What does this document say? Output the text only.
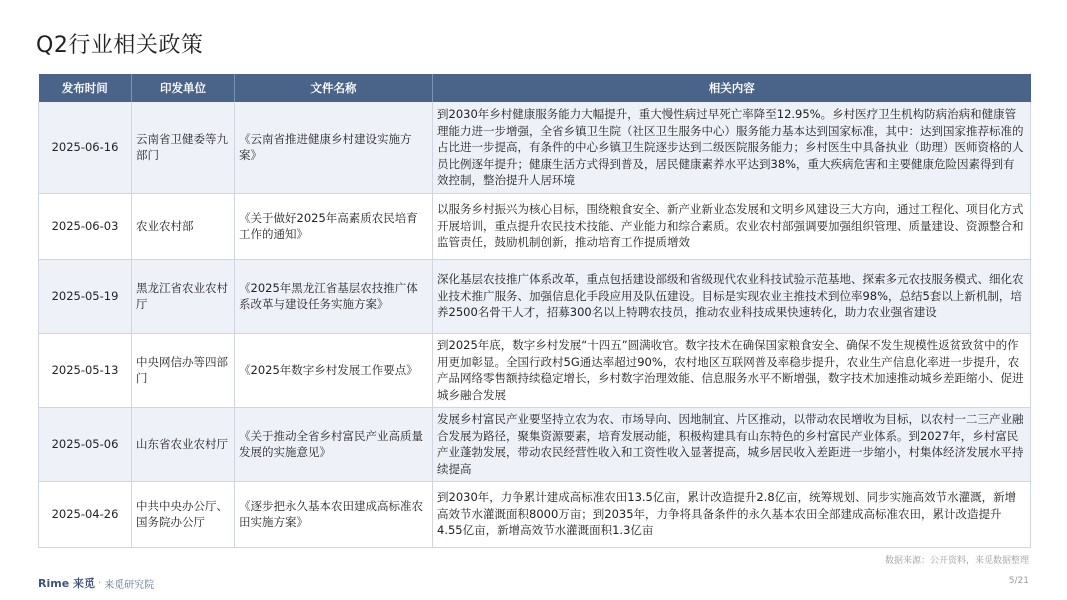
Q2行业相关政策
发布时间	印发单位	文件名称	相关内容
2025-06-16	云南省卫健委等九部门	《云南省推进健康乡村建设实施方案》	到2030年乡村健康服务能力大幅提升，重大慢性病过早死亡率降至12.95%。乡村医疗卫生机构防病治病和健康管理能力进一步增强，全省乡镇卫生院（社区卫生服务中心）服务能力基本达到国家标准，其中：达到国家推荐标准的占比进一步提高，有条件的中心乡镇卫生院逐步达到二级医院服务能力；乡村医生中具备执业（助理）医师资格的人员比例逐年提升；健康生活方式得到普及，居民健康素养水平达到38%，重大疾病危害和主要健康危险因素得到有效控制，整治提升人居环境
2025-06-03	农业农村部	《关于做好2025年高素质农民培育工作的通知》	以服务乡村振兴为核心目标，围绕粮食安全、新产业新业态发展和文明乡风建设三大方向，通过工程化、项目化方式开展培训，重点提升农民技术技能、产业能力和综合素质。农业农村部强调要加强组织管理、质量建设、资源整合和监管责任，鼓励机制创新，推动培育工作提质增效
2025-05-19	黑龙江省农业农村厅	《2025年黑龙江省基层农技推广体系改革与建设任务实施方案》	深化基层农技推广体系改革，重点包括建设部级和省级现代农业科技试验示范基地、探索多元农技服务模式、细化农业技术推广服务、加强信息化手段应用及队伍建设。目标是实现农业主推技术到位率98%，总结5套以上新机制，培养2500名骨干人才，招募300名以上特聘农技员，推动农业科技成果快速转化，助力农业强省建设
2025-05-13	中央网信办等四部门	《2025年数字乡村发展工作要点》	到2025年底，数字乡村发展“十四五”圆满收官。数字技术在确保国家粮食安全、确保不发生规模性返贫致贫中的作用更加彰显。全国行政村5G通达率超过90%，农村地区互联网普及率稳步提升，农业生产信息化率进一步提升，农产品网络零售额持续稳定增长，乡村数字治理效能、信息服务水平不断增强，数字技术加速推动城乡差距缩小、促进城乡融合发展
2025-05-06	山东省农业农村厅	《关于推动全省乡村富民产业高质量发展的实施意见》	发展乡村富民产业要坚持立农为农、市场导向、因地制宜、片区推动，以带动农民增收为目标，以农村一二三产业融合发展为路径，聚集资源要素，培育发展动能，积极构建具有山东特色的乡村富民产业体系。到2027年，乡村富民产业蓬勃发展，带动农民经营性收入和工资性收入显著提高，城乡居民收入差距进一步缩小，村集体经济发展水平持续提高
2025-04-26	中共中央办公厅、国务院办公厅	《逐步把永久基本农田建成高标准农田实施方案》	到2030年，力争累计建成高标准农田13.5亿亩，累计改造提升2.8亿亩，统筹规划、同步实施高效节水灌溉，新增高效节水灌溉面积8000万亩；到2035年，力争将具备条件的永久基本农田全部建成高标准农田，累计改造提升4.55亿亩，新增高效节水灌溉面积1.3亿亩
数据来源：公开资料，来觅数据整理
Rime 来觅 · 来觅研究院	5/21
